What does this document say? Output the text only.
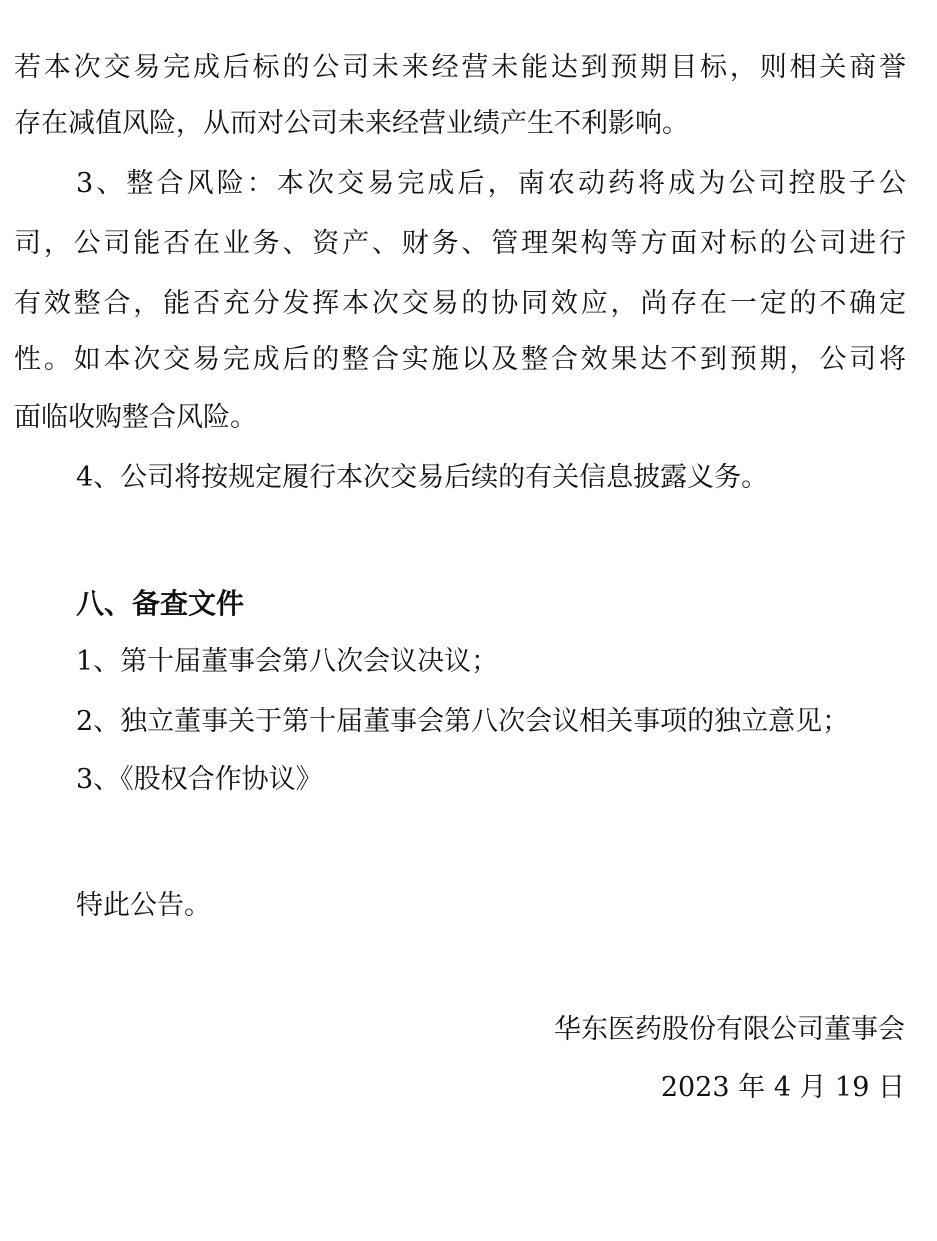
若本次交易完成后标的公司未来经营未能达到预期目标，则相关商誉
存在减值风险，从而对公司未来经营业绩产生不利影响。
3、整合风险：本次交易完成后，南农动药将成为公司控股子公
司，公司能否在业务、资产、财务、管理架构等方面对标的公司进行
有效整合，能否充分发挥本次交易的协同效应，尚存在一定的不确定
性。如本次交易完成后的整合实施以及整合效果达不到预期，公司将
面临收购整合风险。
4、公司将按规定履行本次交易后续的有关信息披露义务。
八、备查文件
1、第十届董事会第八次会议决议；
2、独立董事关于第十届董事会第八次会议相关事项的独立意见；
3、《股权合作协议》
特此公告。
华东医药股份有限公司董事会
2023 年 4 月 19 日
